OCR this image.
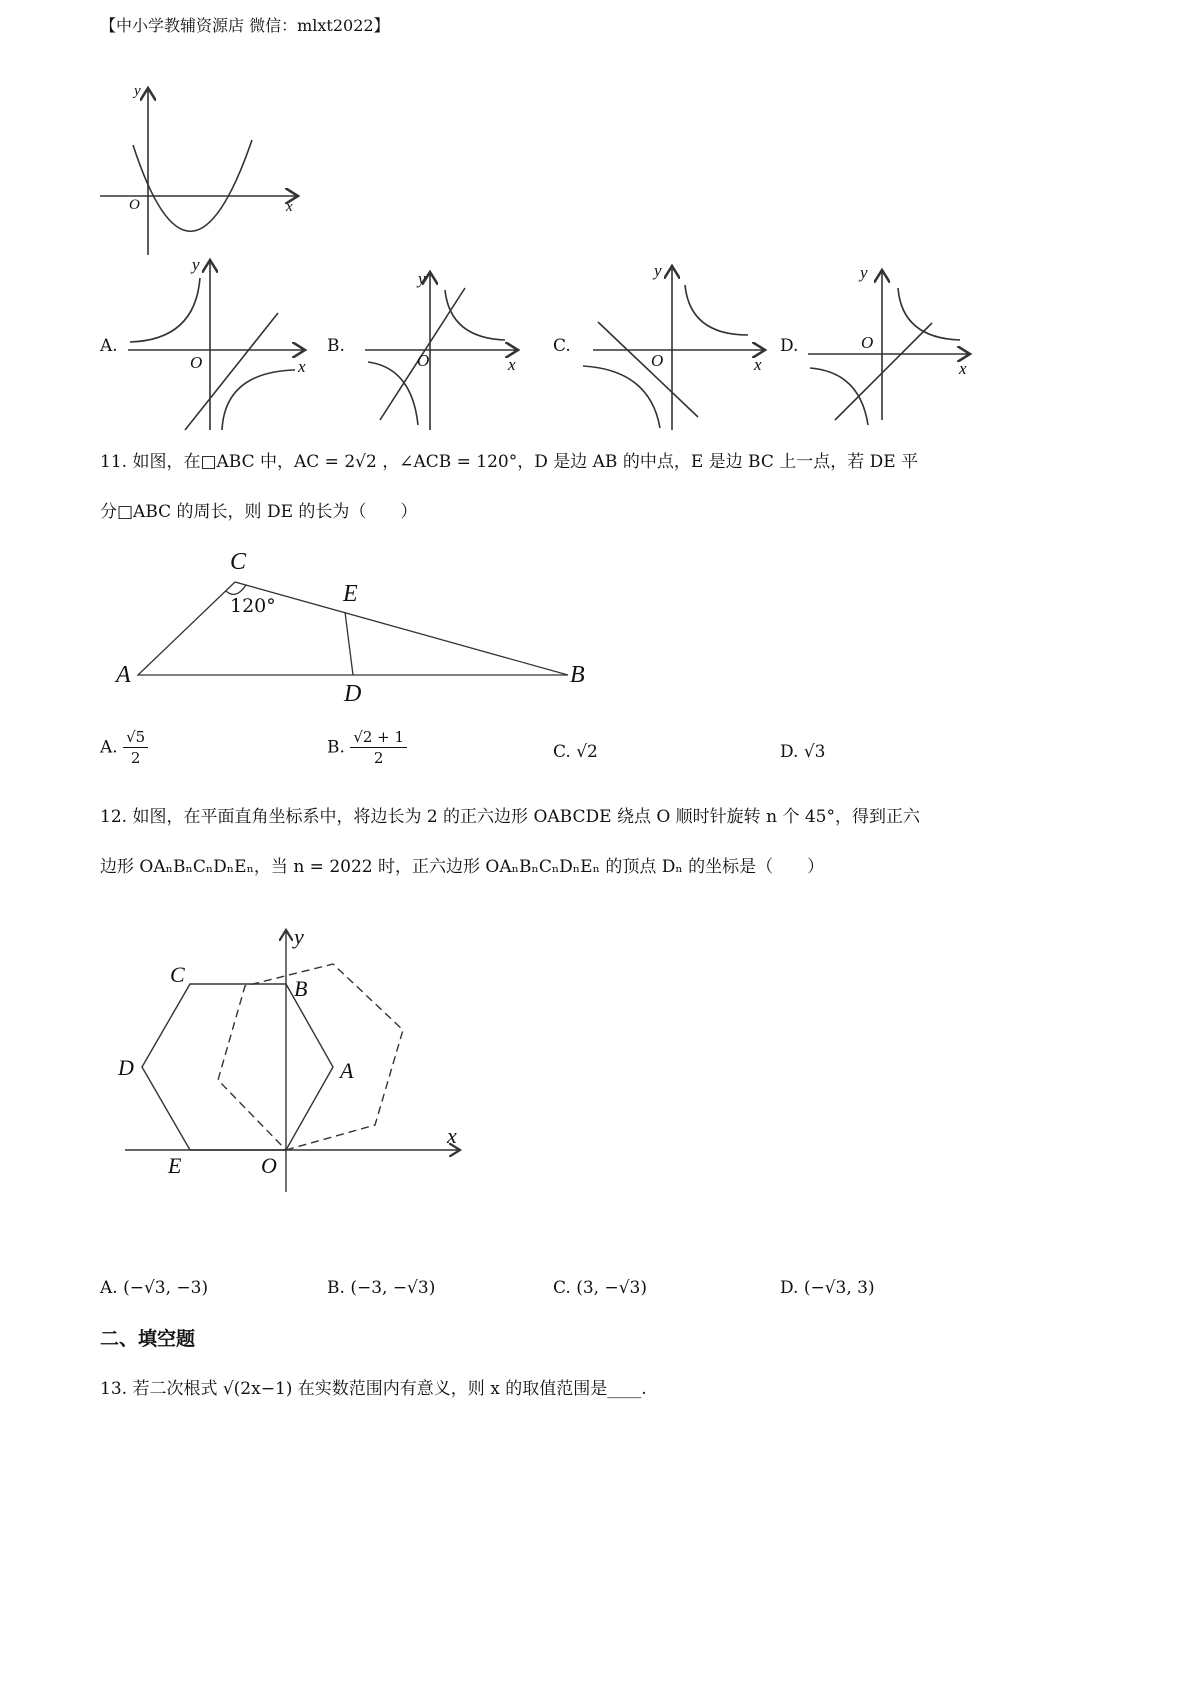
【中小学教辅资源店 微信：mlxt2022】
y
O	x
A.	B.	C.	D.
O
y
x	O
y
x	O
y
x
O
y
x
11. 如图，在□ABC 中，AC = 2√2 ，∠ACB = 120°，D 是边 AB 的中点，E 是边 BC 上一点，若 DE 平
分□ABC 的周长，则 DE 的长为（　　）
C
120°	E
A	B
D
A. $\frac{√5}{2}$	B. $\frac{√2 + 1}{2}$	C. √2	D. √3
12. 如图，在平面直角坐标系中，将边长为 2 的正六边形 OABCDE 绕点 O 顺时针旋转 n 个 45°，得到正六
边形 OAₙBₙCₙDₙEₙ，当 n = 2022 时，正六边形 OAₙBₙCₙDₙEₙ 的顶点 Dₙ 的坐标是（　　）
y
x
C
B
D	A
E	O
A. (−√3, −3)	B. (−3, −√3)	C. (3, −√3)	D. (−√3, 3)
二、填空题
13. 若二次根式 √(2x−1) 在实数范围内有意义，则 x 的取值范围是____.
